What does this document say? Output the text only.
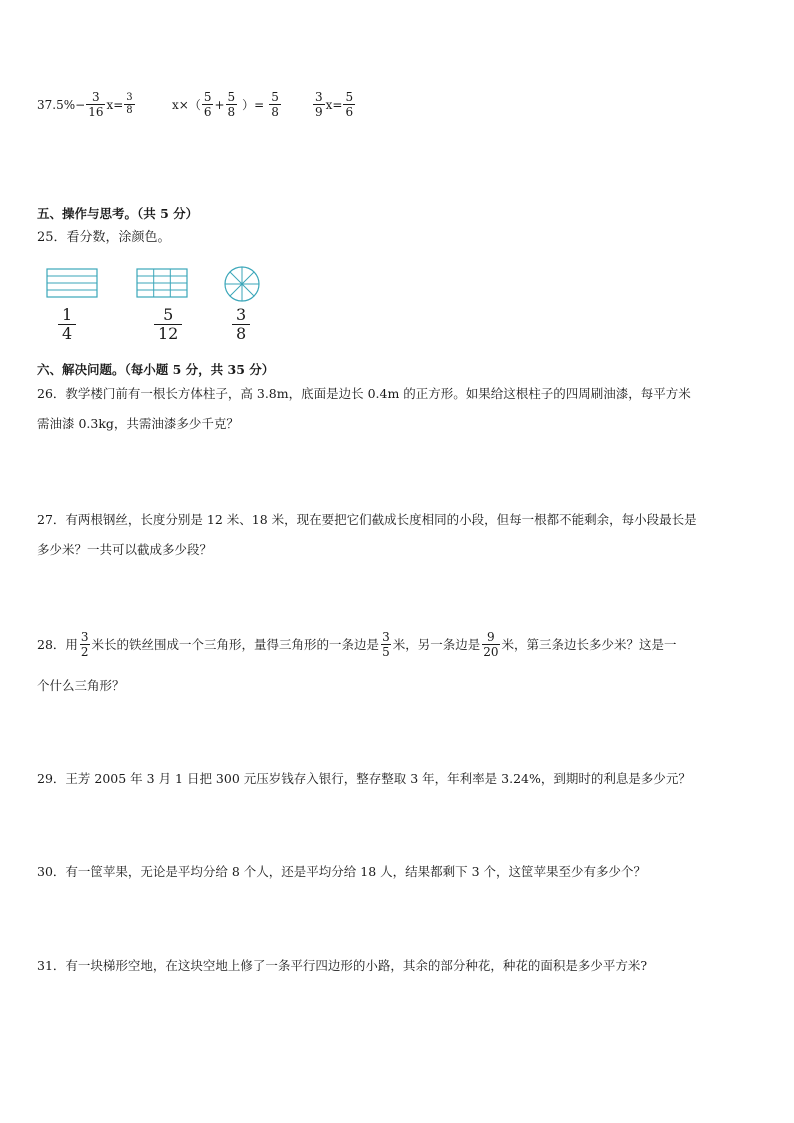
$37.5\%- \frac{3}{16} x= \frac{3}{8}$	$x\times( \frac{5}{6} + \frac{5}{8}$ ）= $\frac{5}{8}$	$\frac{3}{9} x= \frac{5}{6}$
五、操作与思考。（共 5 分）
25．看分数，涂颜色。
1
4
5
12
3
8
六、解决问题。（每小题 5 分，共 35 分）
26．教学楼门前有一根长方体柱子，高 3.8m，底面是边长 0.4m 的正方形。如果给这根柱子的四周刷油漆，每平方米
需油漆 0.3kg，共需油漆多少千克？
27．有两根钢丝，长度分别是 12 米、18 米，现在要把它们截成长度相同的小段，但每一根都不能剩余，每小段最长是
多少米？一共可以截成多少段？
28．用 $\frac{3}{2}$ 米长的铁丝围成一个三角形，量得三角形的一条边是 $\frac{3}{5}$ 米，另一条边是 $\frac{9}{20}$ 米，第三条边长多少米？这是一
个什么三角形？
29．王芳 2005 年 3 月 1 日把 300 元压岁钱存入银行，整存整取 3 年，年利率是 3.24%，到期时的利息是多少元？
30．有一筐苹果，无论是平均分给 8 个人，还是平均分给 18 人，结果都剩下 3 个，这筐苹果至少有多少个？
31．有一块梯形空地，在这块空地上修了一条平行四边形的小路，其余的部分种花，种花的面积是多少平方米?
